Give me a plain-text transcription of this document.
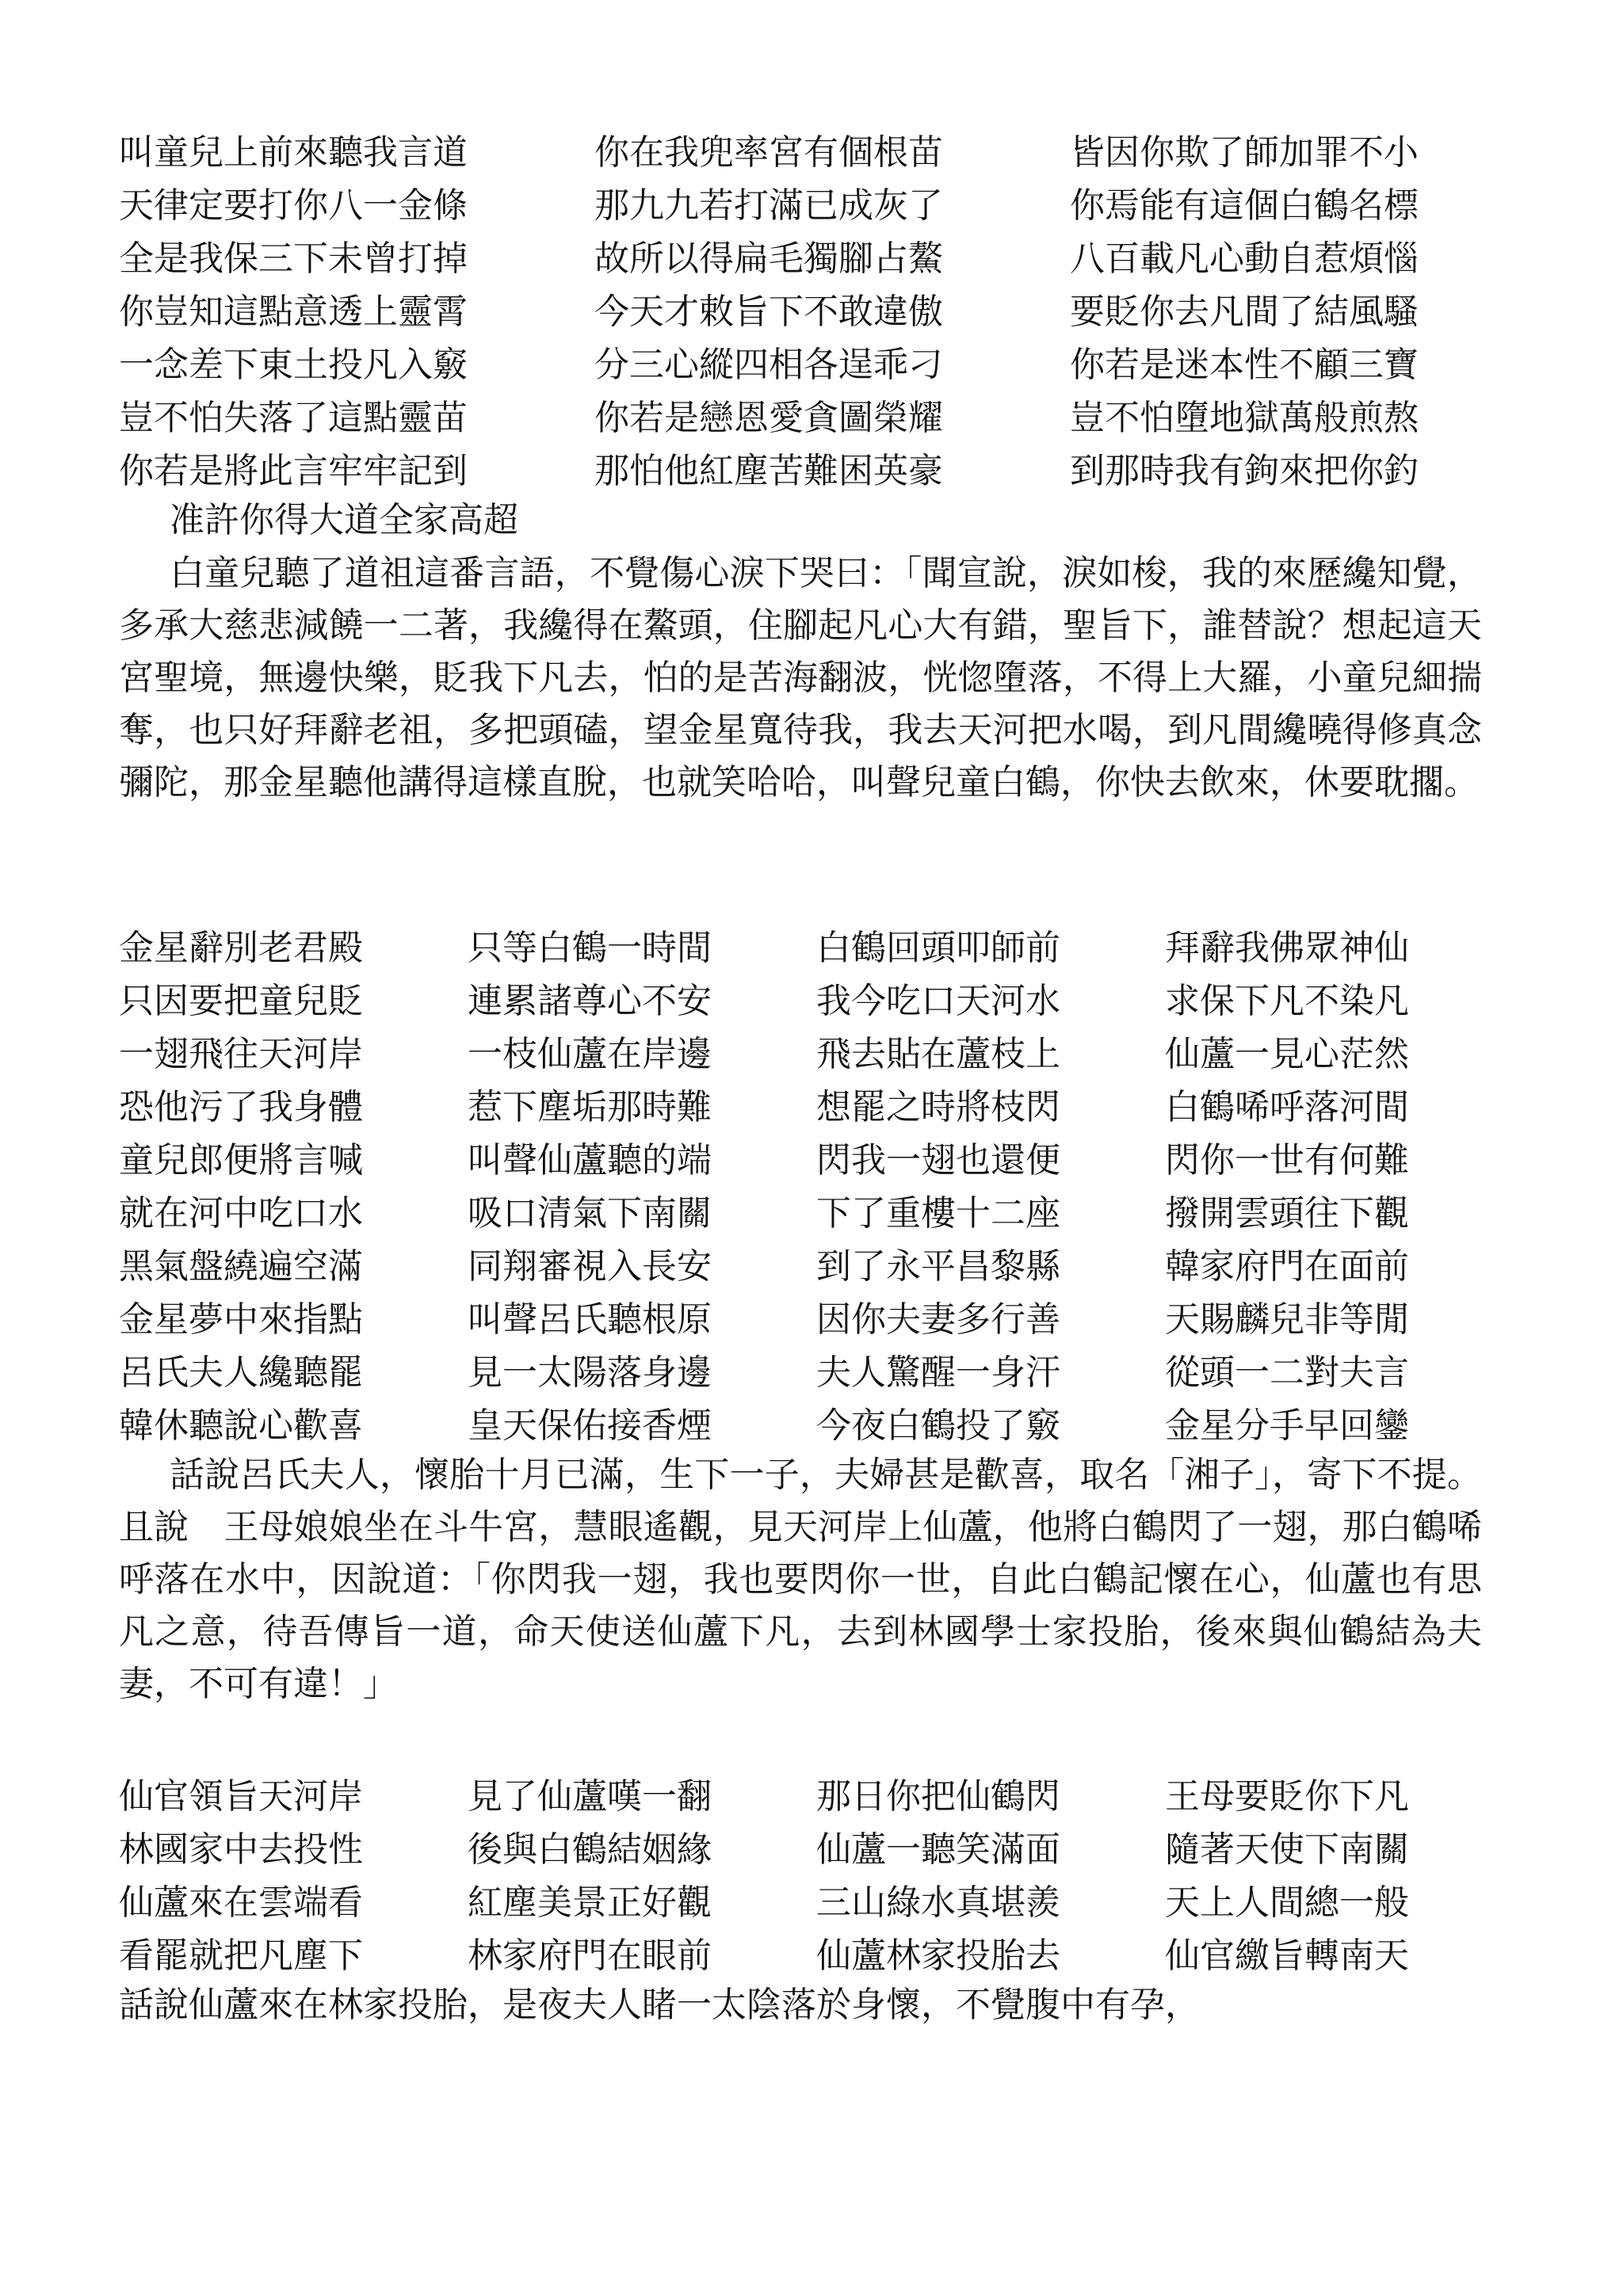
叫童兒上前來聽我言道	你在我兜率宮有個根苗	皆因你欺了師加罪不小
天律定要打你八一金條	那九九若打滿已成灰了	你焉能有這個白鶴名標
全是我保三下未曾打掉	故所以得扁毛獨腳占鰲	八百載凡心動自惹煩惱
你豈知這點意透上靈霄	今天才敕旨下不敢違傲	要貶你去凡間了結風騷
一念差下東土投凡入竅	分三心縱四相各逞乖刁	你若是迷本性不顧三寶
豈不怕失落了這點靈苗	你若是戀恩愛貪圖榮耀	豈不怕墮地獄萬般煎熬
你若是將此言牢牢記到	那怕他紅塵苦難困英豪	到那時我有鉤來把你釣
准許你得大道全家高超

白童兒聽了道祖這番言語，不覺傷心淚下哭曰：「聞宣說，淚如梭，我的來歷纔知覺，多承大慈悲減饒一二著，我纔得在鰲頭，住腳起凡心大有錯，聖旨下，誰替說？想起這天宮聖境，無邊快樂，貶我下凡去，怕的是苦海翻波，恍惚墮落，不得上大羅，小童兒細揣奪，也只好拜辭老祖，多把頭磕，望金星寬待我，我去天河把水喝，到凡間纔曉得修真念彌陀，那金星聽他講得這樣直脫，也就笑哈哈，叫聲兒童白鶴，你快去飲來，休要耽擱。

金星辭別老君殿	只等白鶴一時間	白鶴回頭叩師前	拜辭我佛眾神仙
只因要把童兒貶	連累諸尊心不安	我今吃口天河水	求保下凡不染凡
一翅飛往天河岸	一枝仙蘆在岸邊	飛去貼在蘆枝上	仙蘆一見心茫然
恐他污了我身體	惹下塵垢那時難	想罷之時將枝閃	白鶴唏呼落河間
童兒郎便將言喊	叫聲仙蘆聽的端	閃我一翅也還便	閃你一世有何難
就在河中吃口水	吸口清氣下南關	下了重樓十二座	撥開雲頭往下觀
黑氣盤繞遍空滿	同翔審視入長安	到了永平昌黎縣	韓家府門在面前
金星夢中來指點	叫聲呂氏聽根原	因你夫妻多行善	天賜麟兒非等閒
呂氏夫人纔聽罷	見一太陽落身邊	夫人驚醒一身汗	從頭一二對夫言
韓休聽說心歡喜	皇天保佑接香煙	今夜白鶴投了竅	金星分手早回鑾

話說呂氏夫人，懷胎十月已滿，生下一子，夫婦甚是歡喜，取名「湘子」，寄下不提。且說　王母娘娘坐在斗牛宮，慧眼遙觀，見天河岸上仙蘆，他將白鶴閃了一翅，那白鶴唏呼落在水中，因說道：「你閃我一翅，我也要閃你一世，自此白鶴記懷在心，仙蘆也有思凡之意，待吾傳旨一道，命天使送仙蘆下凡，去到林國學士家投胎，後來與仙鶴結為夫妻，不可有違！」

仙官領旨天河岸	見了仙蘆嘆一翻	那日你把仙鶴閃	王母要貶你下凡
林國家中去投性	後與白鶴結姻緣	仙蘆一聽笑滿面	隨著天使下南關
仙蘆來在雲端看	紅塵美景正好觀	三山綠水真堪羨	天上人間總一般
看罷就把凡塵下	林家府門在眼前	仙蘆林家投胎去	仙官繳旨轉南天

話說仙蘆來在林家投胎，是夜夫人睹一太陰落於身懷，不覺腹中有孕，
